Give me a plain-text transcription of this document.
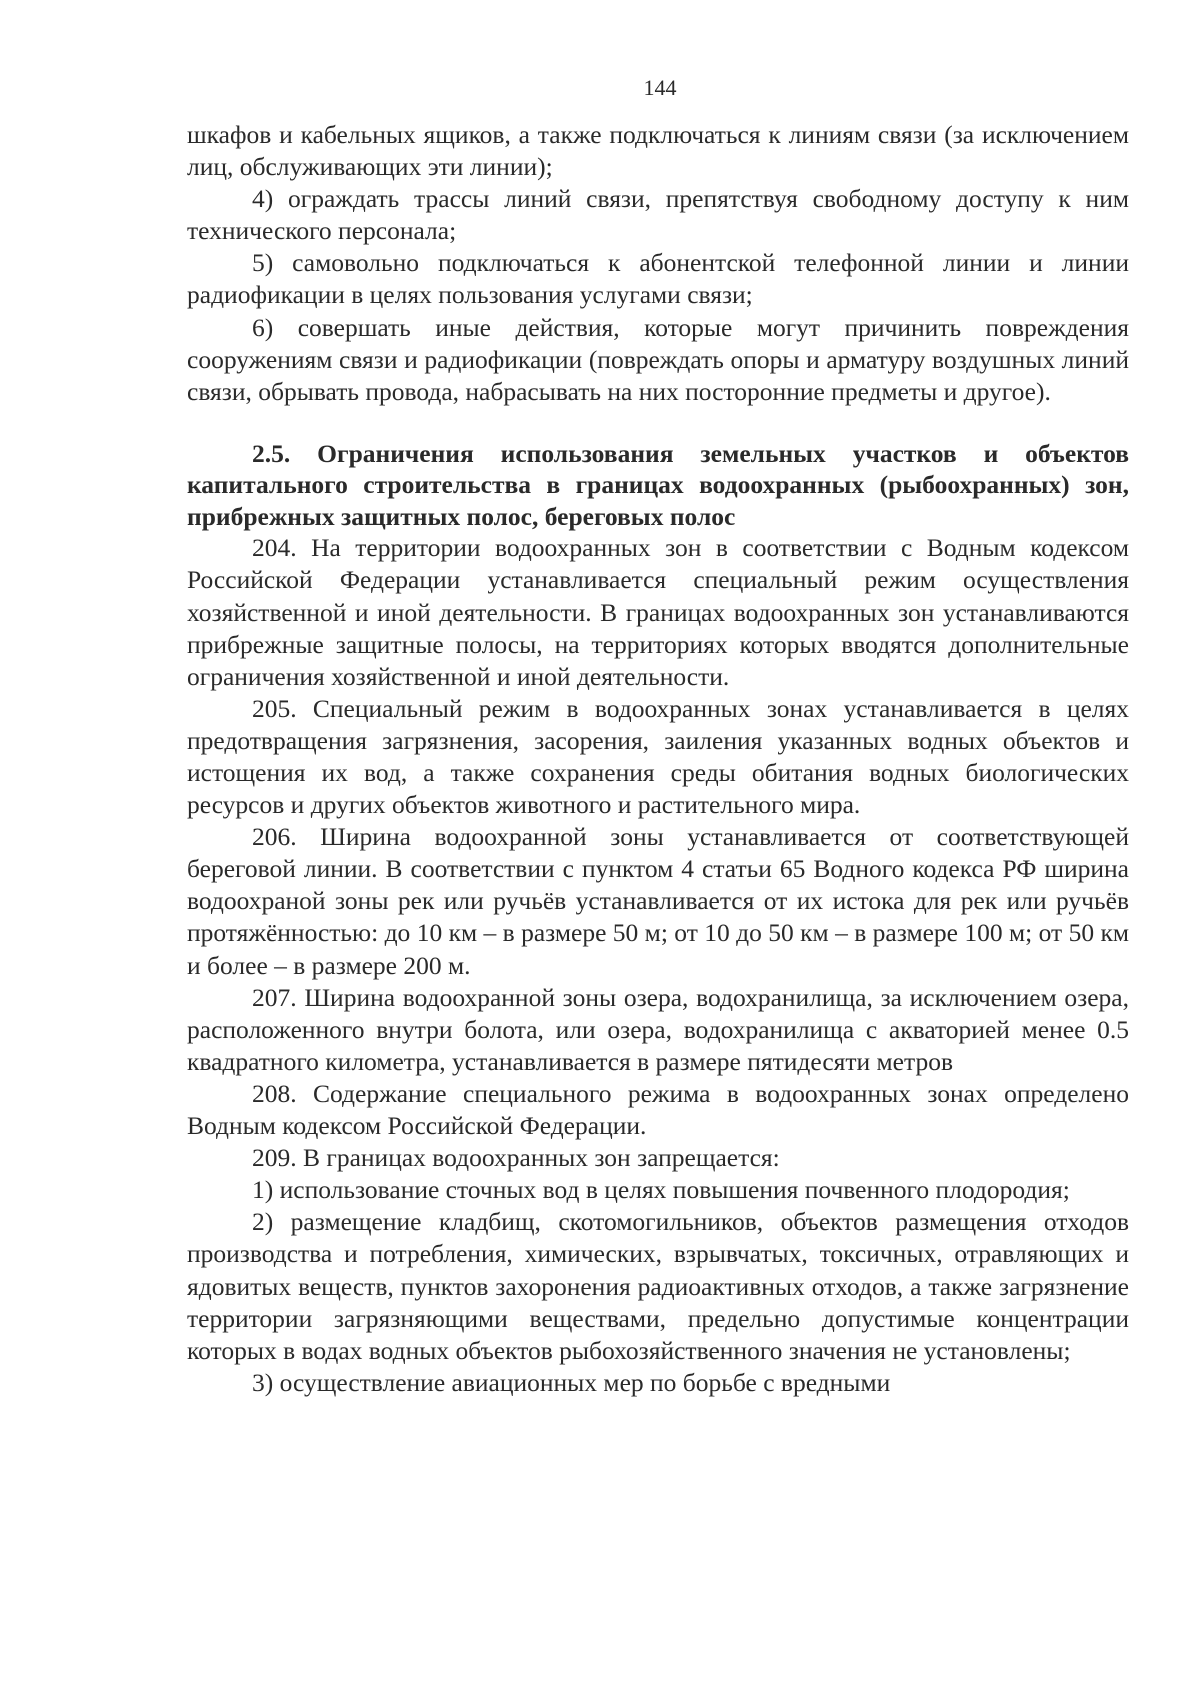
144

шкафов и кабельных ящиков, а также подключаться к линиям связи (за исключением лиц, обслуживающих эти линии);

4) ограждать трассы линий связи, препятствуя свободному доступу к ним технического персонала;

5) самовольно подключаться к абонентской телефонной линии и линии радиофикации в целях пользования услугами связи;

6) совершать иные действия, которые могут причинить повреждения сооружениям связи и радиофикации (повреждать опоры и арматуру воздушных линий связи, обрывать провода, набрасывать на них посторонние предметы и другое).

2.5. Ограничения использования земельных участков и объектов капитального строительства в границах водоохранных (рыбоохранных) зон, прибрежных защитных полос, береговых полос

204. На территории водоохранных зон в соответствии с Водным кодексом Российской Федерации устанавливается специальный режим осуществления хозяйственной и иной деятельности. В границах водоохранных зон устанавливаются прибрежные защитные полосы, на территориях которых вводятся дополнительные ограничения хозяйственной и иной деятельности.

205. Специальный режим в водоохранных зонах устанавливается в целях предотвращения загрязнения, засорения, заиления указанных водных объектов и истощения их вод, а также сохранения среды обитания водных биологических ресурсов и других объектов животного и растительного мира.

206. Ширина водоохранной зоны устанавливается от соответствующей береговой линии. В соответствии с пунктом 4 статьи 65 Водного кодекса РФ ширина водоохраной зоны рек или ручьёв устанавливается от их истока для рек или ручьёв протяжённостью: до 10 км – в размере 50 м; от 10 до 50 км – в размере 100 м; от 50 км и более – в размере 200 м.

207. Ширина водоохранной зоны озера, водохранилища, за исключением озера, расположенного внутри болота, или озера, водохранилища с акваторией менее 0.5 квадратного километра, устанавливается в размере пятидесяти метров

208. Содержание специального режима в водоохранных зонах определено Водным кодексом Российской Федерации.

209. В границах водоохранных зон запрещается:

1) использование сточных вод в целях повышения почвенного плодородия;

2) размещение кладбищ, скотомогильников, объектов размещения отходов производства и потребления, химических, взрывчатых, токсичных, отравляющих и ядовитых веществ, пунктов захоронения радиоактивных отходов, а также загрязнение территории загрязняющими веществами, предельно допустимые концентрации которых в водах водных объектов рыбохозяйственного значения не установлены;

3) осуществление авиационных мер по борьбе с вредными
